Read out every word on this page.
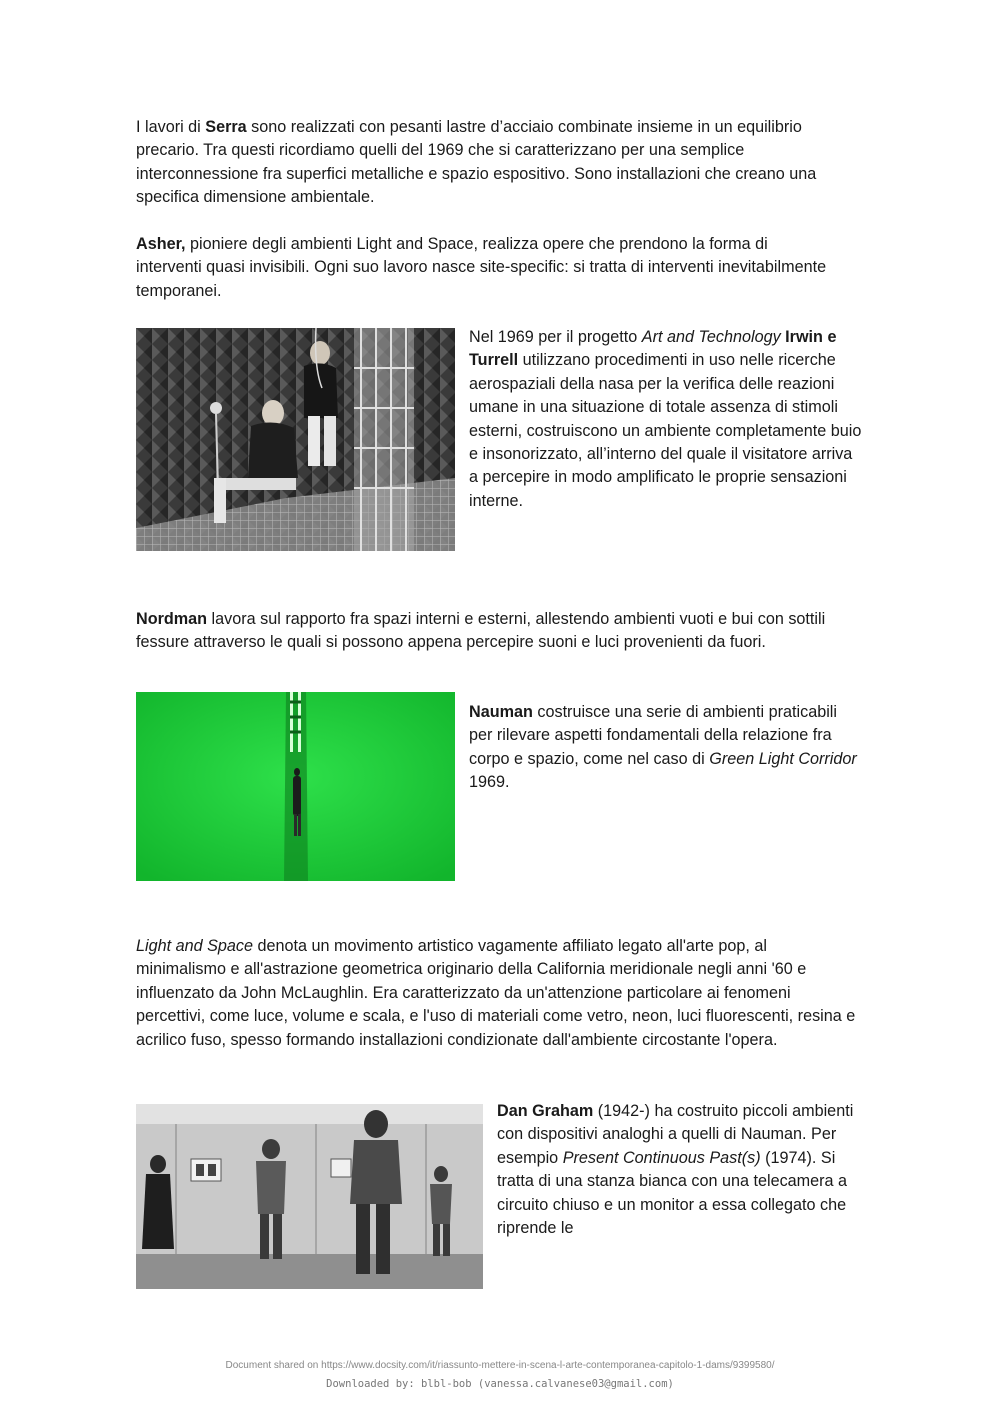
I lavori di Serra sono realizzati con pesanti lastre d’acciaio combinate insieme in un equilibrio precario. Tra questi ricordiamo quelli del 1969 che si caratterizzano per una semplice interconnessione fra superfici metalliche e spazio espositivo. Sono installazioni che creano una specifica dimensione ambientale.

Asher, pioniere degli ambienti Light and Space, realizza opere che prendono la forma di interventi quasi invisibili. Ogni suo lavoro nasce site-specific: si tratta di interventi inevitabilmente temporanei.

Nel 1969 per il progetto Art and Technology Irwin e Turrell utilizzano procedimenti in uso nelle ricerche aerospaziali della nasa per la verifica delle reazioni umane in una situazione di totale assenza di stimoli esterni, costruiscono un ambiente completamente buio e insonorizzato, all’interno del quale il visitatore arriva a percepire in modo amplificato le proprie sensazioni interne.

Nordman lavora sul rapporto fra spazi interni e esterni, allestendo ambienti vuoti e bui con sottili fessure attraverso le quali si possono appena percepire suoni e luci provenienti da fuori.

Nauman costruisce una serie di ambienti praticabili per rilevare aspetti fondamentali della relazione fra corpo e spazio, come nel caso di Green Light Corridor 1969.

Light and Space denota un movimento artistico vagamente affiliato legato all'arte pop, al minimalismo e all'astrazione geometrica originario della California meridionale negli anni '60 e influenzato da John McLaughlin. Era caratterizzato da un'attenzione particolare ai fenomeni percettivi, come luce, volume e scala, e l'uso di materiali come vetro, neon, luci fluorescenti, resina e acrilico fuso, spesso formando installazioni condizionate dall'ambiente circostante l'opera.

Dan Graham (1942-) ha costruito piccoli ambienti con dispositivi analoghi a quelli di Nauman. Per esempio Present Continuous Past(s) (1974). Si tratta di una stanza bianca con una telecamera a circuito chiuso e un monitor a essa collegato che riprende le

Document shared on https://www.docsity.com/it/riassunto-mettere-in-scena-l-arte-contemporanea-capitolo-1-dams/9399580/
Downloaded by: blbl-bob (vanessa.calvanese03@gmail.com)
